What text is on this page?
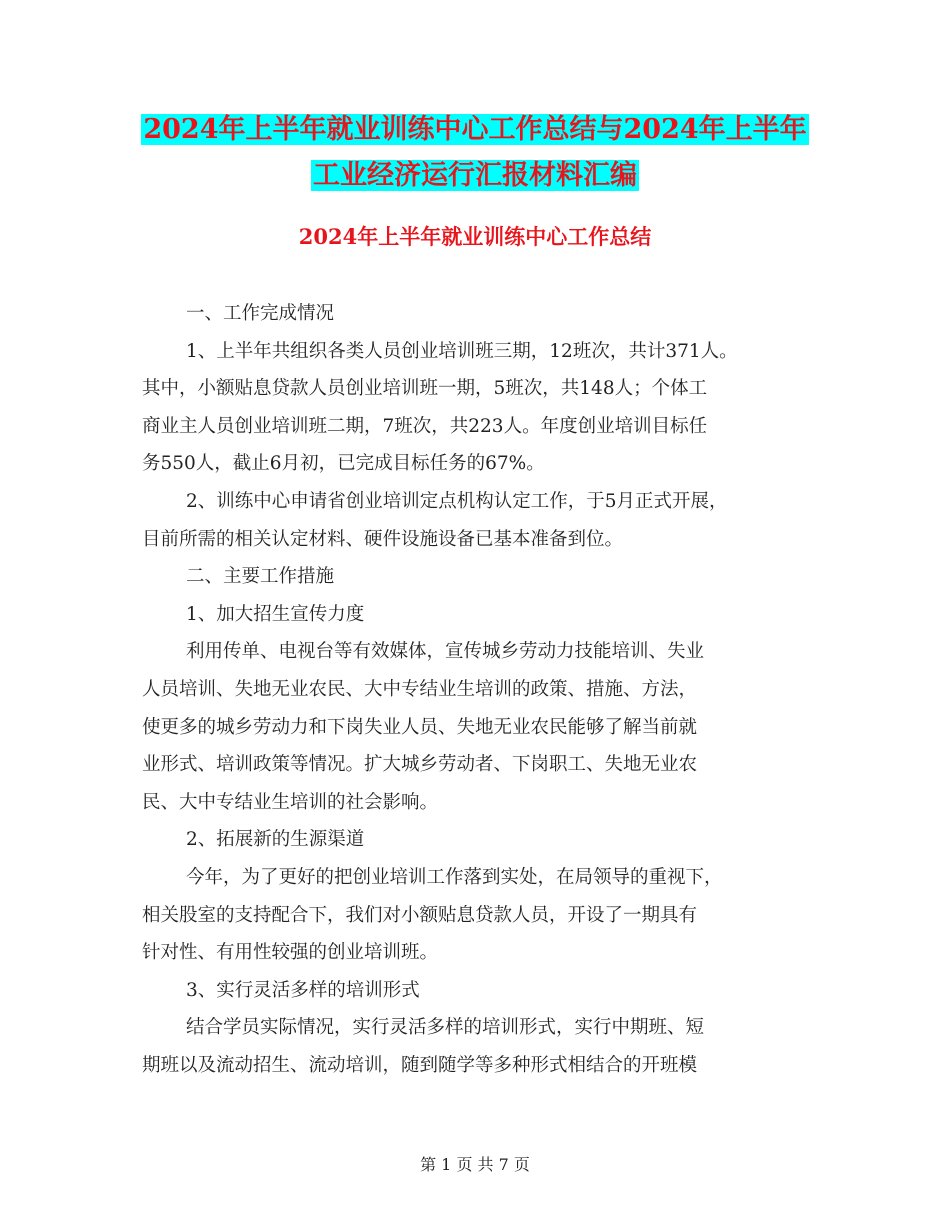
2024年上半年就业训练中心工作总结与2024年上半年
工业经济运行汇报材料汇编
2024年上半年就业训练中心工作总结
一、工作完成情况
1、上半年共组织各类人员创业培训班三期，12班次，共计371人。
其中，小额贴息贷款人员创业培训班一期，5班次，共148人；个体工
商业主人员创业培训班二期，7班次，共223人。年度创业培训目标任
务550人，截止6月初，已完成目标任务的67%。
2、训练中心申请省创业培训定点机构认定工作，于5月正式开展，
目前所需的相关认定材料、硬件设施设备已基本准备到位。
二、主要工作措施
1、加大招生宣传力度
利用传单、电视台等有效媒体，宣传城乡劳动力技能培训、失业
人员培训、失地无业农民、大中专结业生培训的政策、措施、方法，
使更多的城乡劳动力和下岗失业人员、失地无业农民能够了解当前就
业形式、培训政策等情况。扩大城乡劳动者、下岗职工、失地无业农
民、大中专结业生培训的社会影响。
2、拓展新的生源渠道
今年，为了更好的把创业培训工作落到实处，在局领导的重视下，
相关股室的支持配合下，我们对小额贴息贷款人员，开设了一期具有
针对性、有用性较强的创业培训班。
3、实行灵活多样的培训形式
结合学员实际情况，实行灵活多样的培训形式，实行中期班、短
期班以及流动招生、流动培训，随到随学等多种形式相结合的开班模
第 1 页 共 7 页
